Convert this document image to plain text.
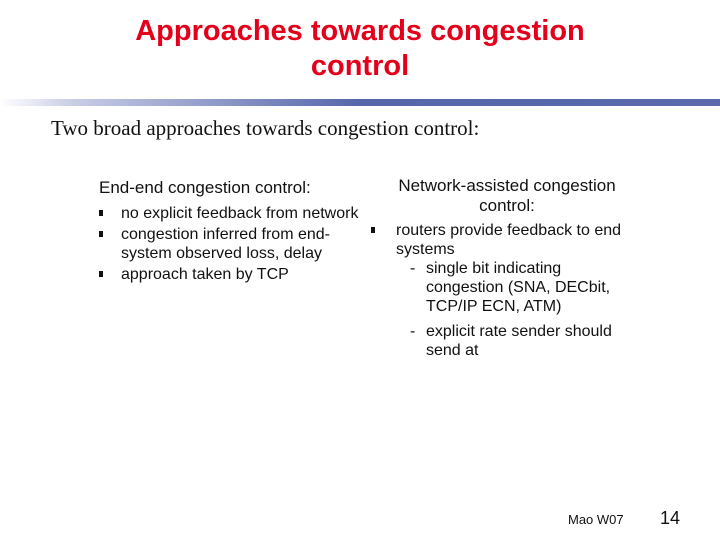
Approaches towards congestion
control
Two broad approaches towards congestion control:
End-end congestion control:
no explicit feedback from network
congestion inferred from end-system observed loss, delay
approach taken by TCP
Network-assisted congestion control:
routers provide feedback to end systems
- single bit indicating congestion (SNA, DECbit, TCP/IP ECN, ATM)
- explicit rate sender should send at
Mao W07 14
